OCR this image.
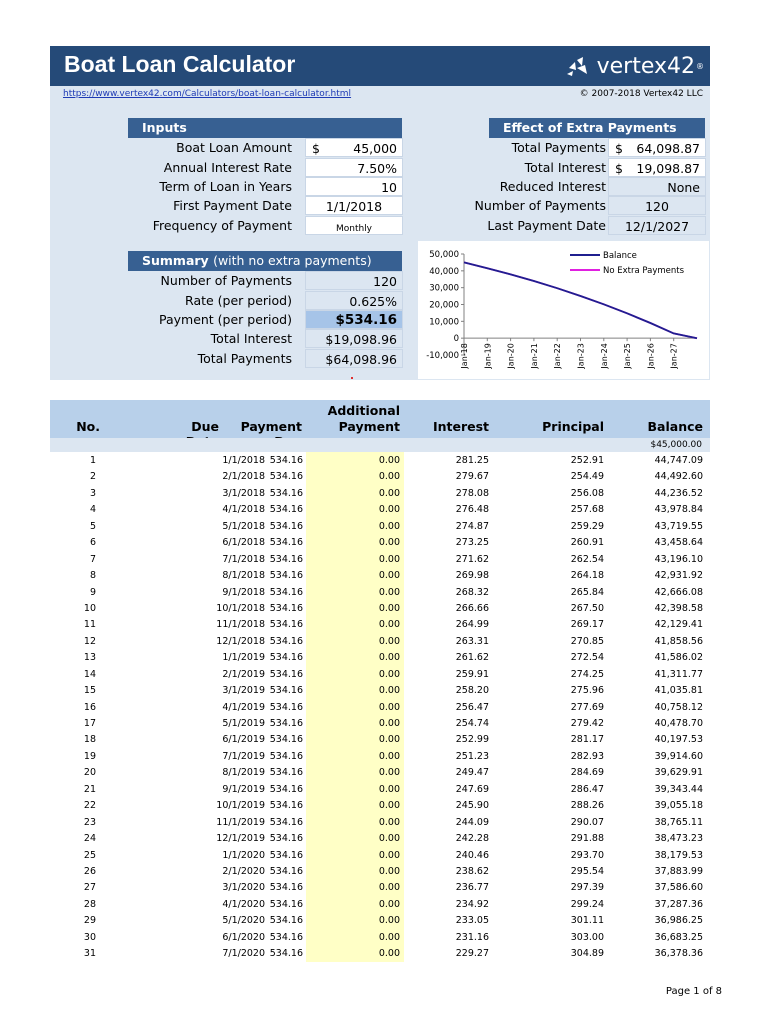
Boat Loan Calculator	vertex42 ®
https://www.vertex42.com/Calculators/boat-loan-calculator.html	© 2007-2018 Vertex42 LLC
Inputs
Boat Loan Amount $	45,000
Annual Interest Rate	7.50%
Term of Loan in Years	10
First Payment Date	1/1/2018
Frequency of Payment	Monthly
Effect of Extra Payments
Total Payments $ 64,098.87
Total Interest $ 19,098.87
Reduced Interest	None
Number of Payments	120
Last Payment Date	12/1/2027
Summary (with no extra payments)
Number of Payments	120
Rate (per period)	0.625%
Payment (per period)	$534.16
Total Interest	$19,098.96
Total Payments	$64,098.96
50,000
40,000
30,000
20,000
10,000
0
-10,000 Jan-18 Jan-19 Jan-20 Jan-21 Jan-22 Jan-23 Jan-24 Jan-25 Jan-26 Jan-27
Balance
No Extra Payments
No.	Due	Payment
Additional
Payment	Interest	Principal	Balance
$45,000.00
1	1/1/2018 534.16	0.00	281.25	252.91	44,747.09
2	2/1/2018 534.16	0.00	279.67	254.49	44,492.60
3	3/1/2018 534.16	0.00	278.08	256.08	44,236.52
4	4/1/2018 534.16	0.00	276.48	257.68	43,978.84
5	5/1/2018 534.16	0.00	274.87	259.29	43,719.55
6	6/1/2018 534.16	0.00	273.25	260.91	43,458.64
7	7/1/2018 534.16	0.00	271.62	262.54	43,196.10
8	8/1/2018 534.16	0.00	269.98	264.18	42,931.92
9	9/1/2018 534.16	0.00	268.32	265.84	42,666.08
10	10/1/2018 534.16	0.00	266.66	267.50	42,398.58
11	11/1/2018 534.16	0.00	264.99	269.17	42,129.41
12	12/1/2018 534.16	0.00	263.31	270.85	41,858.56
13	1/1/2019 534.16	0.00	261.62	272.54	41,586.02
14	2/1/2019 534.16	0.00	259.91	274.25	41,311.77
15	3/1/2019 534.16	0.00	258.20	275.96	41,035.81
16	4/1/2019 534.16	0.00	256.47	277.69	40,758.12
17	5/1/2019 534.16	0.00	254.74	279.42	40,478.70
18	6/1/2019 534.16	0.00	252.99	281.17	40,197.53
19	7/1/2019 534.16	0.00	251.23	282.93	39,914.60
20	8/1/2019 534.16	0.00	249.47	284.69	39,629.91
21	9/1/2019 534.16	0.00	247.69	286.47	39,343.44
22	10/1/2019 534.16	0.00	245.90	288.26	39,055.18
23	11/1/2019 534.16	0.00	244.09	290.07	38,765.11
24	12/1/2019 534.16	0.00	242.28	291.88	38,473.23
25	1/1/2020 534.16	0.00	240.46	293.70	38,179.53
26	2/1/2020 534.16	0.00	238.62	295.54	37,883.99
27	3/1/2020 534.16	0.00	236.77	297.39	37,586.60
28	4/1/2020 534.16	0.00	234.92	299.24	37,287.36
29	5/1/2020 534.16	0.00	233.05	301.11	36,986.25
30	6/1/2020 534.16	0.00	231.16	303.00	36,683.25
31	7/1/2020 534.16	0.00	229.27	304.89	36,378.36
Page 1 of 8
